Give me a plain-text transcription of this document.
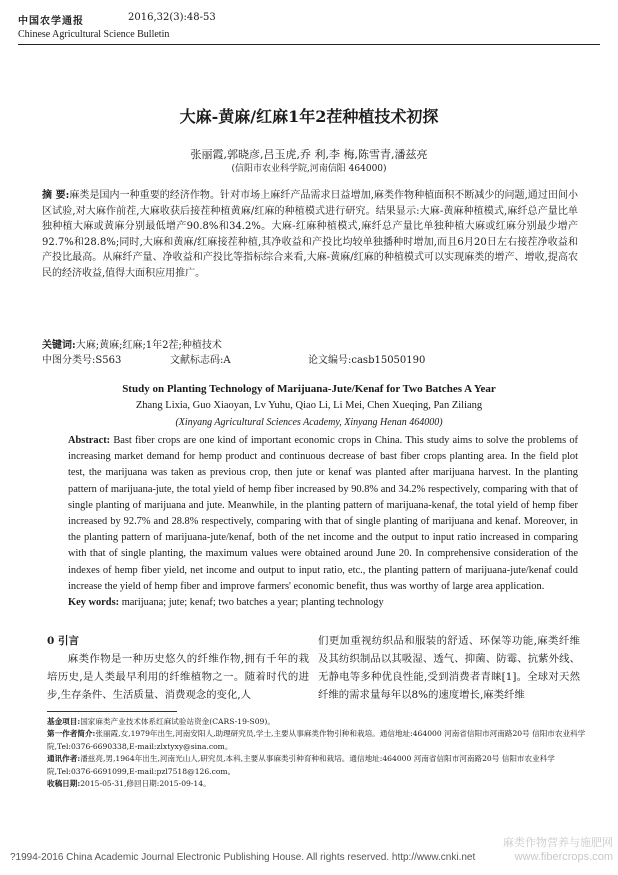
中国农学通报	2016,32(3):48-53
Chinese Agricultural Science Bulletin
大麻-黄麻/红麻1年2茬种植技术初探
张丽霞,郭晓彦,吕玉虎,乔 利,李 梅,陈雪青,潘兹亮
(信阳市农业科学院,河南信阳 464000)
摘 要:麻类是国内一种重要的经济作物。针对市场上麻纤产品需求日益增加,麻类作物种植面积不断减少的问题,通过田间小区试验,对大麻作前茬,大麻收获后接茬种植黄麻/红麻的种植模式进行研究。结果显示:大麻-黄麻种植模式,麻纤总产量比单独种植大麻或黄麻分别最低增产90.8%和34.2%。大麻-红麻种植模式,麻纤总产量比单独种植大麻或红麻分别最少增产92.7%和28.8%;同时,大麻和黄麻/红麻接茬种植,其净收益和产投比均较单独播种时增加,而且6月20日左右接茬净收益和产投比最高。从麻纤产量、净收益和产投比等指标综合来看,大麻-黄麻/红麻的种植模式可以实现麻类的增产、增收,提高农民的经济收益,值得大面积应用推广。
关键词:大麻;黄麻;红麻;1年2茬;种植技术
中图分类号:S563	文献标志码:A	论文编号:casb15050190
Study on Planting Technology of Marijuana-Jute/Kenaf for Two Batches A Year
Zhang Lixia, Guo Xiaoyan, Lv Yuhu, Qiao Li, Li Mei, Chen Xueqing, Pan Ziliang
(Xinyang Agricultural Sciences Academy, Xinyang Henan 464000)
Abstract: Bast fiber crops are one kind of important economic crops in China. This study aims to solve the problems of increasing market demand for hemp product and continuous decrease of bast fiber crops planting area. In the field plot test, the marijuana was taken as previous crop, then jute or kenaf was planted after marijuana harvest. In the planting pattern of marijuana-jute, the total yield of hemp fiber increased by 90.8% and 34.2% respectively, comparing with that of single planting of marijuana and jute. Meanwhile, in the planting pattern of marijuana-kenaf, the total yield of hemp fiber increased by 92.7% and 28.8% respectively, comparing with that of single planting of marijuana and kenaf. Moreover, in the planting pattern of marijuana-jute/kenaf, both of the net income and the output to input ratio increased in comparing with that of single planting, the maximum values were obtained around June 20. In comprehensive consideration of the indexes of hemp fiber yield, net income and output to input ratio, etc., the planting pattern of marijuana-jute/kenaf could increase the yield of hemp fiber and improve farmers' economic benefit, thus was worthy of large area application.
Key words: marijuana; jute; kenaf; two batches a year; planting technology
0 引言
麻类作物是一种历史悠久的纤维作物,拥有千年的栽培历史,是人类最早利用的纤维植物之一。随着时代的进步,生存条件、生活质量、消费观念的变化,人
们更加重视纺织品和服装的舒适、环保等功能,麻类纤维及其纺织制品以其吸湿、透气、抑菌、防霉、抗紫外线、无静电等多种优良性能,受到消费者青睐[1]。全球对天然纤维的需求量每年以8%的速度增长,麻类纤维

基金项目:国家麻类产业技术体系红麻试验站资金(CARS-19-S09)。

第一作者简介:张丽霞,女,1979年出生,河南安阳人,助理研究员,学士,主要从事麻类作物引种和栽培。通信地址:464000 河南省信阳市河南路20号 信阳市农业科学院,Tel:0376-6690338,E-mail:zlxtyxy@sina.com。

通讯作者:潘兹亮,男,1964年出生,河南光山人,研究员,本科,主要从事麻类引种育种和栽培。通信地址:464000 河南省信阳市河南路20号 信阳市农业科学院,Tel:0376-6691099,E-mail:pzl7518@126.com。

收稿日期:2015-05-31,修回日期:2015-09-14。

麻类作物营养与施肥网
www.fibercrops.com
?1994-2016 China Academic Journal Electronic Publishing House. All rights reserved. http://www.cnki.net
